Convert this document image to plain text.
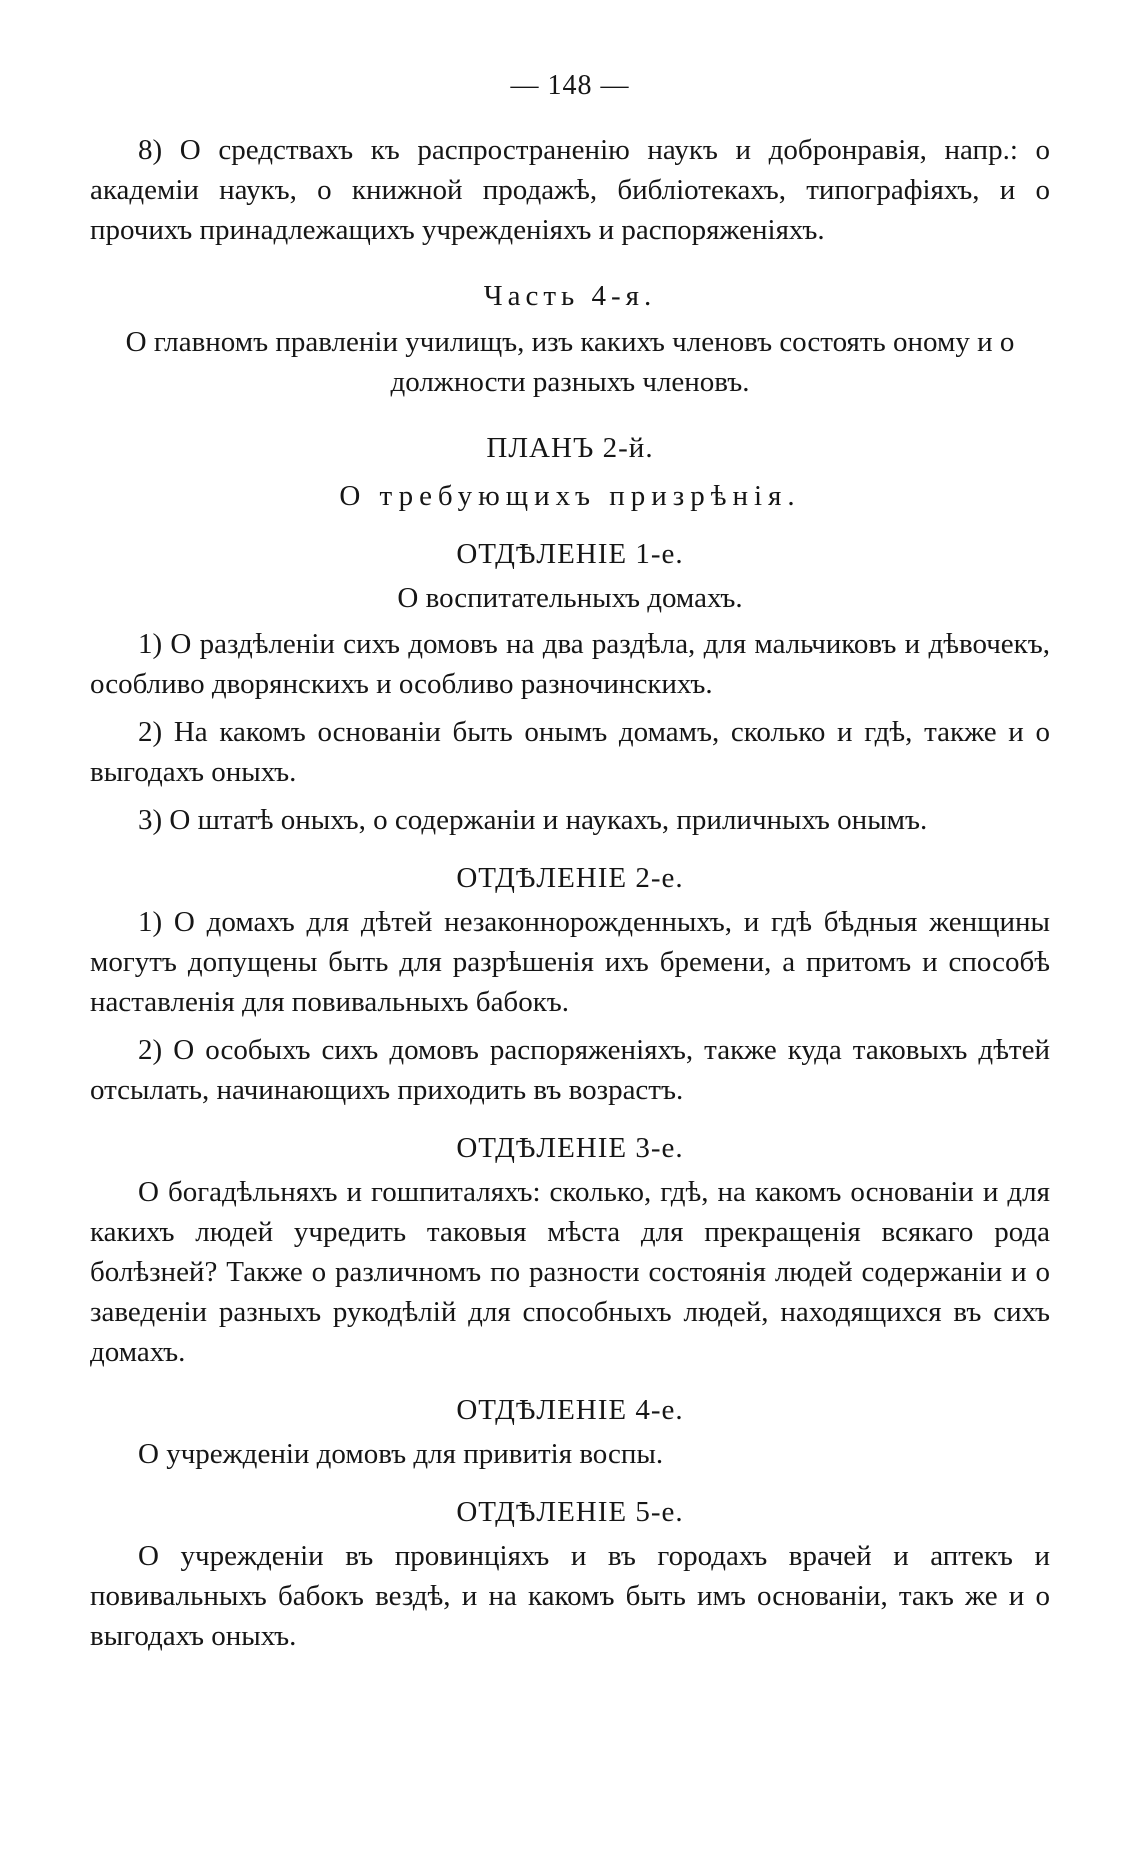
— 148 —

8) О средствахъ къ распространенію наукъ и добронравія, напр.: о академіи наукъ, о книжной продажѣ, библіотекахъ, типографіяхъ, и о прочихъ принадлежащихъ учрежденіяхъ и распоряженіяхъ.

Часть 4-я.
О главномъ правленіи училищъ, изъ какихъ членовъ состоять оному и о должности разныхъ членовъ.
ПЛАНЪ 2-й.
О требующихъ призрѣнія.
ОТДѢЛЕНІЕ 1-е.
О воспитательныхъ домахъ.

1) О раздѣленіи сихъ домовъ на два раздѣла, для мальчиковъ и дѣвочекъ, особливо дворянскихъ и особливо разночинскихъ.

2) На какомъ основаніи быть онымъ домамъ, сколько и гдѣ, также и о выгодахъ оныхъ.

3) О штатѣ оныхъ, о содержаніи и наукахъ, приличныхъ онымъ.

ОТДѢЛЕНІЕ 2-е.

1) О домахъ для дѣтей незаконнорожденныхъ, и гдѣ бѣдныя женщины могутъ допущены быть для разрѣшенія ихъ бремени, а притомъ и способѣ наставленія для повивальныхъ бабокъ.

2) О особыхъ сихъ домовъ распоряженіяхъ, также куда таковыхъ дѣтей отсылать, начинающихъ приходить въ возрастъ.

ОТДѢЛЕНІЕ 3-е.

О богадѣльняхъ и гошпиталяхъ: сколько, гдѣ, на какомъ основаніи и для какихъ людей учредить таковыя мѣста для прекращенія всякаго рода болѣзней? Также о различномъ по разности состоянія людей содержаніи и о заведеніи разныхъ рукодѣлій для способныхъ людей, находящихся въ сихъ домахъ.

ОТДѢЛЕНІЕ 4-е.

О учрежденіи домовъ для привитія воспы.

ОТДѢЛЕНІЕ 5-е.

О учрежденіи въ провинціяхъ и въ городахъ врачей и аптекъ и повивальныхъ бабокъ вездѣ, и на какомъ быть имъ основаніи, такъ же и о выгодахъ оныхъ.
